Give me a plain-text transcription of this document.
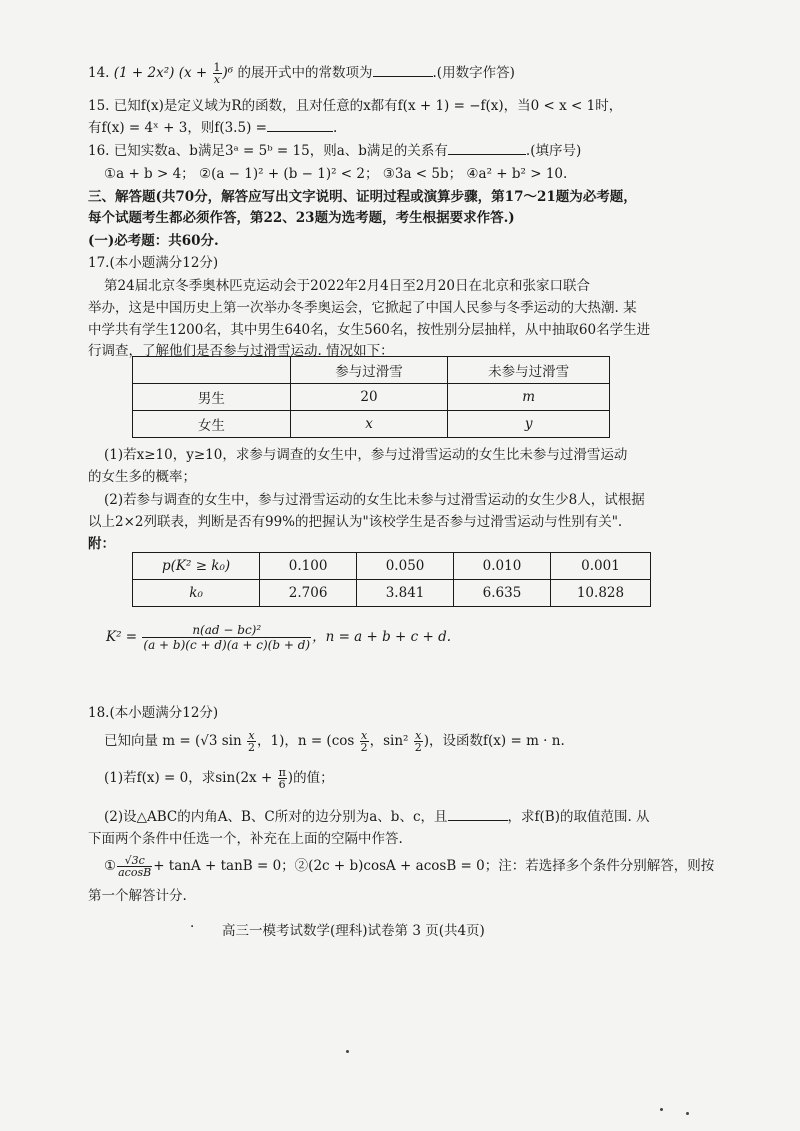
14. (1 + 2x²) $(x + \frac{1}{x} )^6$ 的展开式中的常数项为	.(用数字作答)
15. 已知f(x)是定义域为R的函数，且对任意的x都有f(x + 1) = −f(x)，当0 < x < 1时，
有f(x) = 4ˣ + 3，则f(3.5) =	.
16. 已知实数a、b满足3ᵃ = 5ᵇ = 15，则a、b满足的关系有	.(填序号)
①a + b > 4； ②(a − 1)² + (b − 1)² < 2； ③3a < 5b； ④a² + b² > 10.
三、解答题(共70分，解答应写出文字说明、证明过程或演算步骤，第17～21题为必考题，
每个试题考生都必须作答，第22、23题为选考题，考生根据要求作答.)
(一)必考题：共60分.
17.(本小题满分12分)
第24届北京冬季奥林匹克运动会于2022年2月4日至2月20日在北京和张家口联合
举办，这是中国历史上第一次举办冬季奥运会，它掀起了中国人民参与冬季运动的大热潮. 某
中学共有学生1200名，其中男生640名，女生560名，按性别分层抽样，从中抽取60名学生进
行调查，了解他们是否参与过滑雪运动. 情况如下：
	参与过滑雪	未参与过滑雪
男生	20	m
女生	x	y
(1)若x≥10，y≥10，求参与调查的女生中，参与过滑雪运动的女生比未参与过滑雪运动
的女生多的概率；
(2)若参与调查的女生中，参与过滑雪运动的女生比未参与过滑雪运动的女生少8人，试根据
以上2×2列联表，判断是否有99%的把握认为"该校学生是否参与过滑雪运动与性别有关".
附：
p(K² ≥ k₀)	0.100	0.050	0.010	0.001
k₀	2.706	3.841	6.635	10.828
$K^2 = \frac{\text{n(ad − bc)²}}{(a + b)(c + d)(a + c)(b + d)}$ ，n = a + b + c + d.
18.(本小题满分12分)
已知向量 m = (√3 $\sin \frac{x}{2}$ ，1)，$n = (\cos \frac{x}{2}$ ，$\sin^2 \frac{x}{2}$ )，设函数f(x) = m · n.
(1)若f(x) = 0，求$\sin(2x + \frac{\pi}{6}$ )的值；
(2)设△ABC的内角A、B、C所对的边分别为a、b、c，且	，求f(B)的取值范围. 从
下面两个条件中任选一个，补充在上面的空隔中作答.
① $\frac{√3c}{acosB} + \tan A + \tan B = 0$；②(2c + b)cosA + acosB = 0；注：若选择多个条件分别解答，则按
第一个解答计分.
· 高三一模考试数学(理科)试卷第 3 页(共4页)
